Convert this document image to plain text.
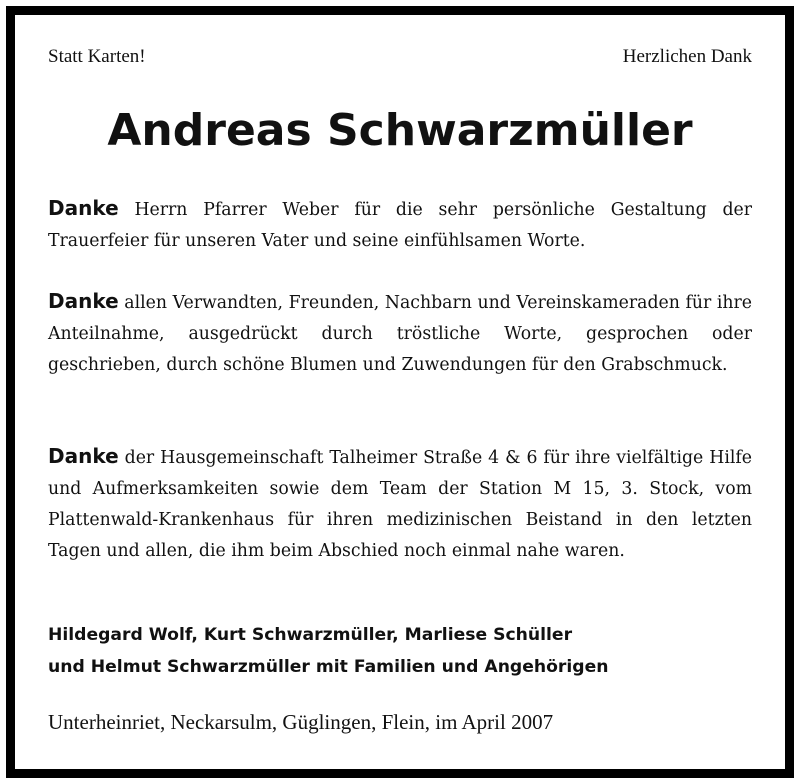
Statt Karten!	Herzlichen Dank
Andreas Schwarzmüller

Danke Herrn Pfarrer Weber für die sehr persönliche Gestaltung der Trauerfeier für unseren Vater und seine einfühlsamen Worte.

Danke allen Verwandten, Freunden, Nachbarn und Vereinskameraden für ihre Anteilnahme, ausgedrückt durch tröstliche Worte, gesprochen oder geschrieben, durch schöne Blumen und Zuwendungen für den Grabschmuck.

Danke der Hausgemeinschaft Talheimer Straße 4 & 6 für ihre vielfältige Hilfe und Aufmerksamkeiten sowie dem Team der Station M 15, 3. Stock, vom Plattenwald-Krankenhaus für ihren medizinischen Beistand in den letzten Tagen und allen, die ihm beim Abschied noch einmal nahe waren.

Hildegard Wolf, Kurt Schwarzmüller, Marliese Schüller
und Helmut Schwarzmüller mit Familien und Angehörigen
Unterheinriet, Neckarsulm, Güglingen, Flein, im April 2007
